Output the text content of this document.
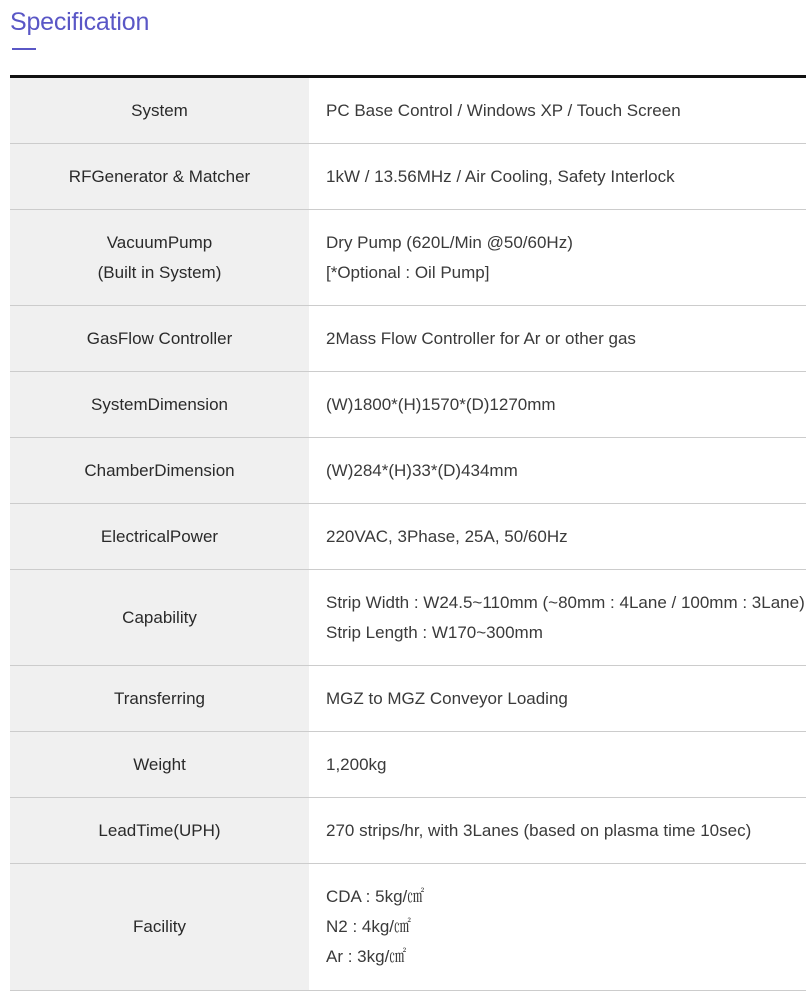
Specification
System	PC Base Control / Windows XP / Touch Screen

RFGenerator & Matcher	1kW / 13.56MHz / Air Cooling, Safety Interlock

VacuumPump
(Built in System)	Dry Pump (620L/Min @50/60Hz)
[*Optional : Oil Pump]

GasFlow Controller	2Mass Flow Controller for Ar or other gas

SystemDimension	(W)1800*(H)1570*(D)1270mm

ChamberDimension	(W)284*(H)33*(D)434mm

ElectricalPower	220VAC, 3Phase, 25A, 50/60Hz

Capability	Strip Width : W24.5~110mm (~80mm : 4Lane / 100mm : 3Lane)
Strip Length : W170~300mm

Transferring	MGZ to MGZ Conveyor Loading

Weight	1,200kg

LeadTime(UPH)	270 strips/hr, with 3Lanes (based on plasma time 10sec)

Facility	CDA : 5kg/㎠
N2 : 4kg/㎠
Ar : 3kg/㎠
